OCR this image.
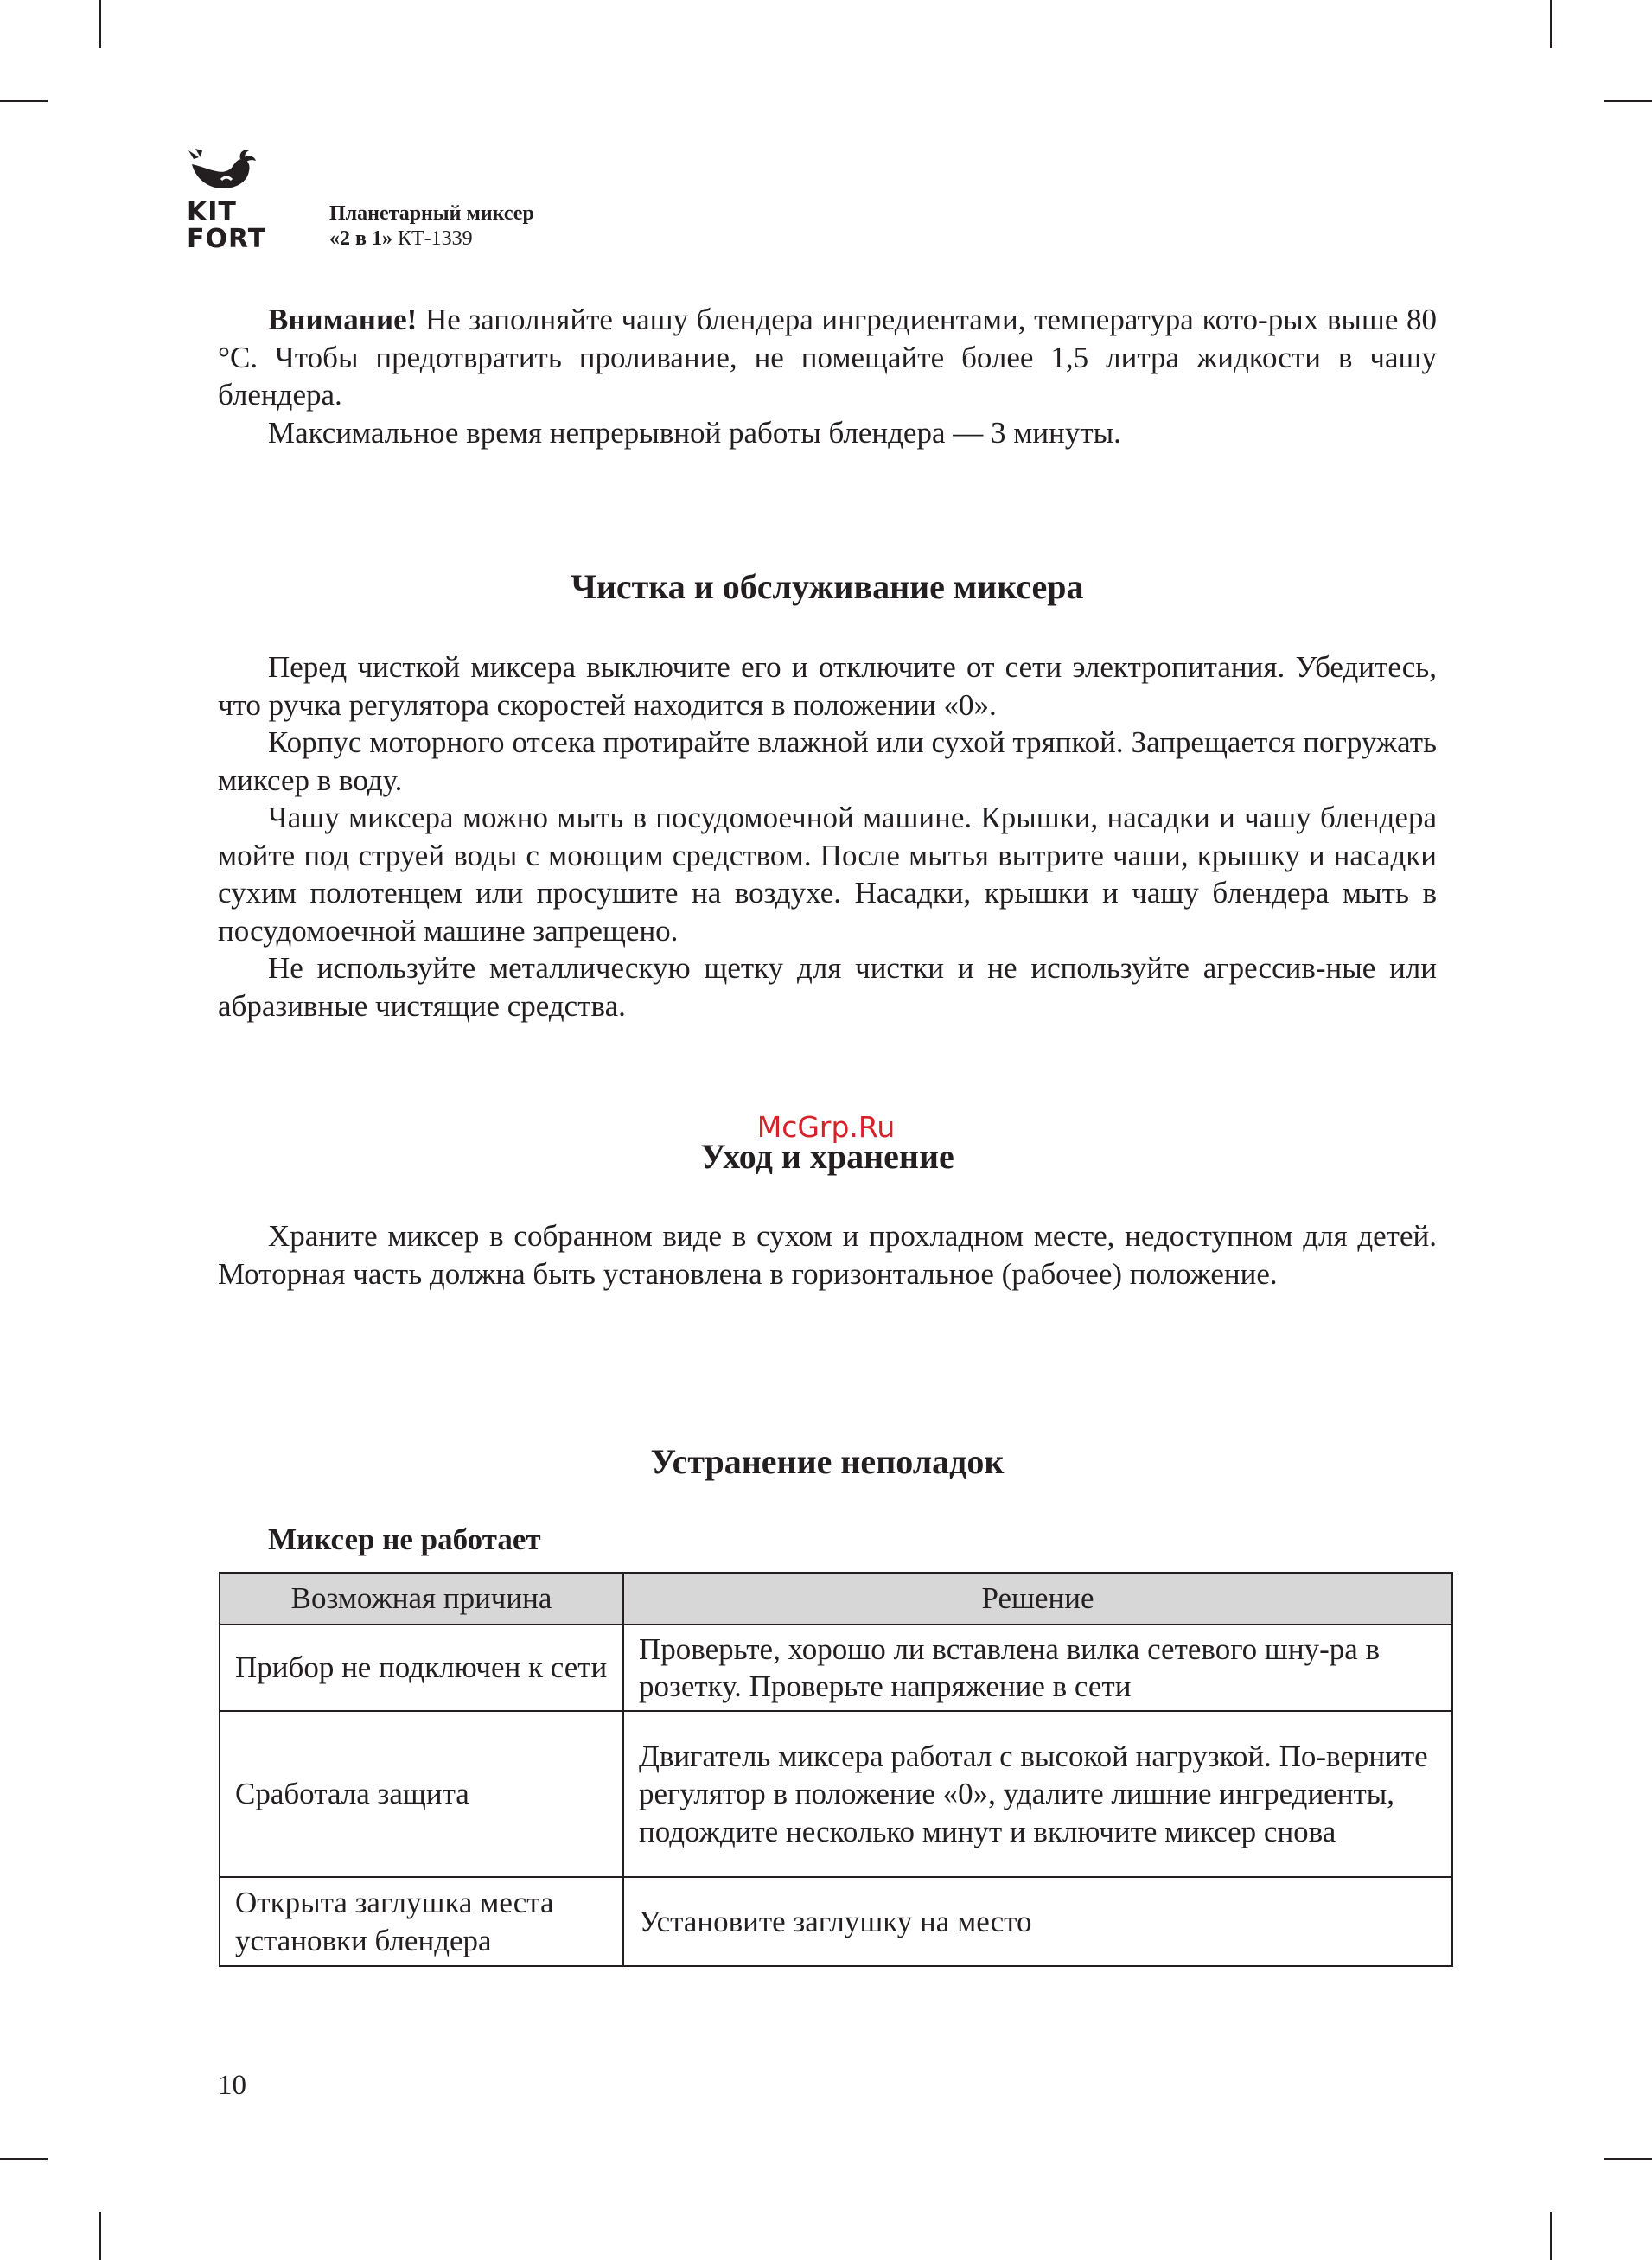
KIT
FORT
Планетарный миксер
«2 в 1» КТ-1339

Внимание! Не заполняйте чашу блендера ингредиентами, температура кото-рых выше 80 °С. Чтобы предотвратить проливание, не помещайте более 1,5 литра жидкости в чашу блендера.

Максимальное время непрерывной работы блендера — 3 минуты.

Чистка и обслуживание миксера

Перед чисткой миксера выключите его и отключите от сети электропитания. Убедитесь, что ручка регулятора скоростей находится в положении «0».

Корпус моторного отсека протирайте влажной или сухой тряпкой. Запрещается погружать миксер в воду.

Чашу миксера можно мыть в посудомоечной машине. Крышки, насадки и чашу блендера мойте под струей воды с моющим средством. После мытья вытрите чаши, крышку и насадки сухим полотенцем или просушите на воздухе. Насадки, крышки и чашу блендера мыть в посудомоечной машине запрещено.

Не используйте металлическую щетку для чистки и не используйте агрессив-ные или абразивные чистящие средства.

McGrp.Ru
Уход и хранение

Храните миксер в собранном виде в сухом и прохладном месте, недоступном для детей. Моторная часть должна быть установлена в горизонтальное (рабочее) положение.

Устранение неполадок
Миксер не работает
Возможная причина	Решение
Прибор не подключен к сети	Проверьте, хорошо ли вставлена вилка сетевого шну-ра в розетку. Проверьте напряжение в сети
Сработала защита	Двигатель миксера работал с высокой нагрузкой. По-верните регулятор в положение «0», удалите лишние ингредиенты, подождите несколько минут и включите миксер снова
Открыта заглушка места установки блендера	Установите заглушку на место
10
